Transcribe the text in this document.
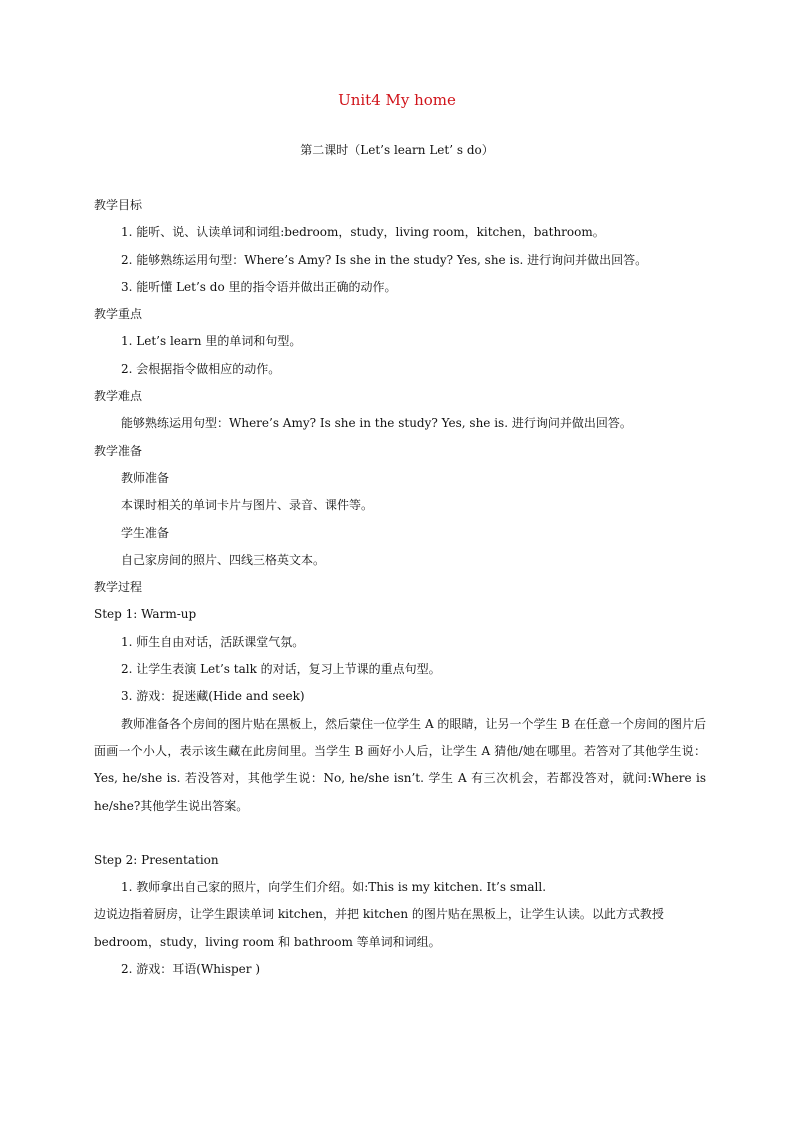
Unit4 My home
第二课时（Let’s learn Let’ s do）
教学目标
1. 能听、说、认读单词和词组:bedroom，study，living room，kitchen，bathroom。
2. 能够熟练运用句型：Where’s Amy? Is she in the study? Yes, she is. 进行询问并做出回答。
3. 能听懂 Let’s do 里的指令语并做出正确的动作。
教学重点
1. Let’s learn 里的单词和句型。
2. 会根据指令做相应的动作。
教学难点
能够熟练运用句型：Where’s Amy? Is she in the study? Yes, she is. 进行询问并做出回答。
教学准备
教师准备
本课时相关的单词卡片与图片、录音、课件等。
学生准备
自己家房间的照片、四线三格英文本。
教学过程
Step 1: Warm-up
1. 师生自由对话，活跃课堂气氛。
2. 让学生表演 Let’s talk 的对话，复习上节课的重点句型。
3. 游戏：捉迷藏(Hide and seek)
教师准备各个房间的图片贴在黑板上，然后蒙住一位学生 A 的眼睛，让另一个学生 B 在任意一个房间的图片后面画一个小人，表示该生藏在此房间里。当学生 B 画好小人后，让学生 A 猜他/她在哪里。若答对了其他学生说：Yes, he/she is. 若没答对，其他学生说：No, he/she isn’t. 学生 A 有三次机会，若都没答对，就问:Where is he/she?其他学生说出答案。
Step 2: Presentation
1. 教师拿出自己家的照片，向学生们介绍。如:This is my kitchen. It’s small.
边说边指着厨房，让学生跟读单词 kitchen，并把 kitchen 的图片贴在黑板上，让学生认读。以此方式教授 bedroom，study，living room 和 bathroom 等单词和词组。
2. 游戏：耳语(Whisper )
